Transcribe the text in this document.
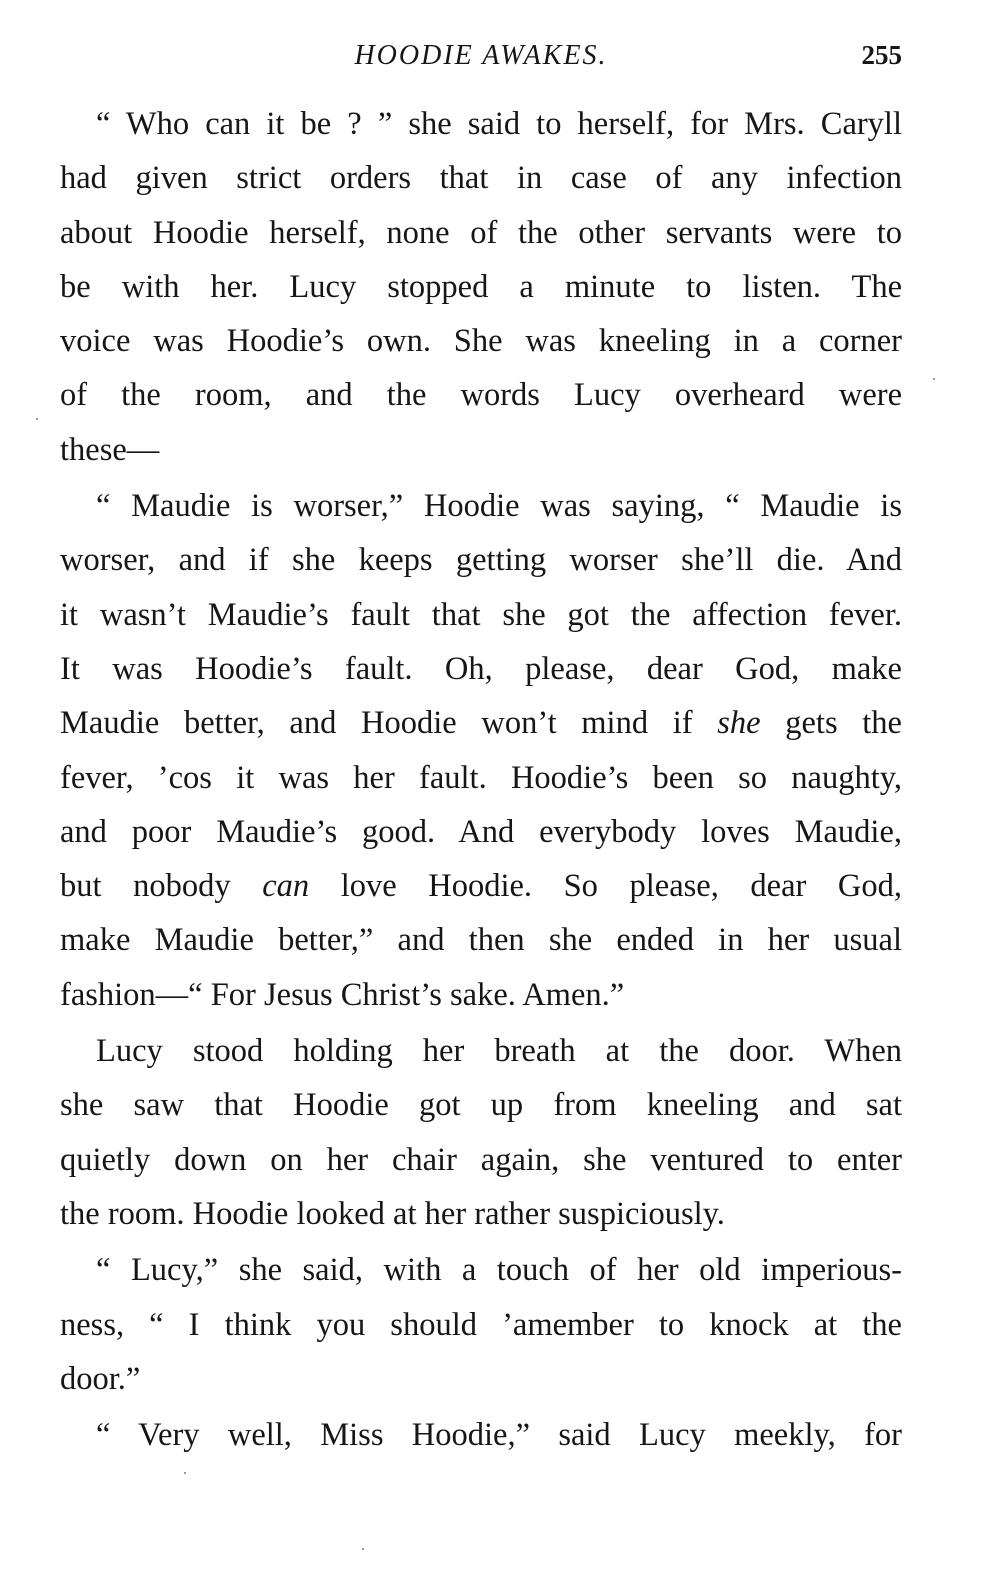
HOODIE AWAKES.	255
“ Who can it be ? ” she said to herself, for Mrs. Caryll
had given strict orders that in case of any infection
about Hoodie herself, none of the other servants were to
be with her. Lucy stopped a minute to listen. The
voice was Hoodie’s own. She was kneeling in a corner
of the room, and the words Lucy overheard were
these—
“ Maudie is worser,” Hoodie was saying, “ Maudie is
worser, and if she keeps getting worser she’ll die. And
it wasn’t Maudie’s fault that she got the affection fever.
It was Hoodie’s fault. Oh, please, dear God, make
Maudie better, and Hoodie won’t mind if she gets the
fever, ’cos it was her fault. Hoodie’s been so naughty,
and poor Maudie’s good. And everybody loves Maudie,
but nobody can love Hoodie. So please, dear God,
make Maudie better,” and then she ended in her usual
fashion—“ For Jesus Christ’s sake. Amen.”
Lucy stood holding her breath at the door. When
she saw that Hoodie got up from kneeling and sat
quietly down on her chair again, she ventured to enter
the room. Hoodie looked at her rather suspiciously.
“ Lucy,” she said, with a touch of her old imperious-
ness, “ I think you should ’amember to knock at the
door.”
“ Very well, Miss Hoodie,” said Lucy meekly, for
